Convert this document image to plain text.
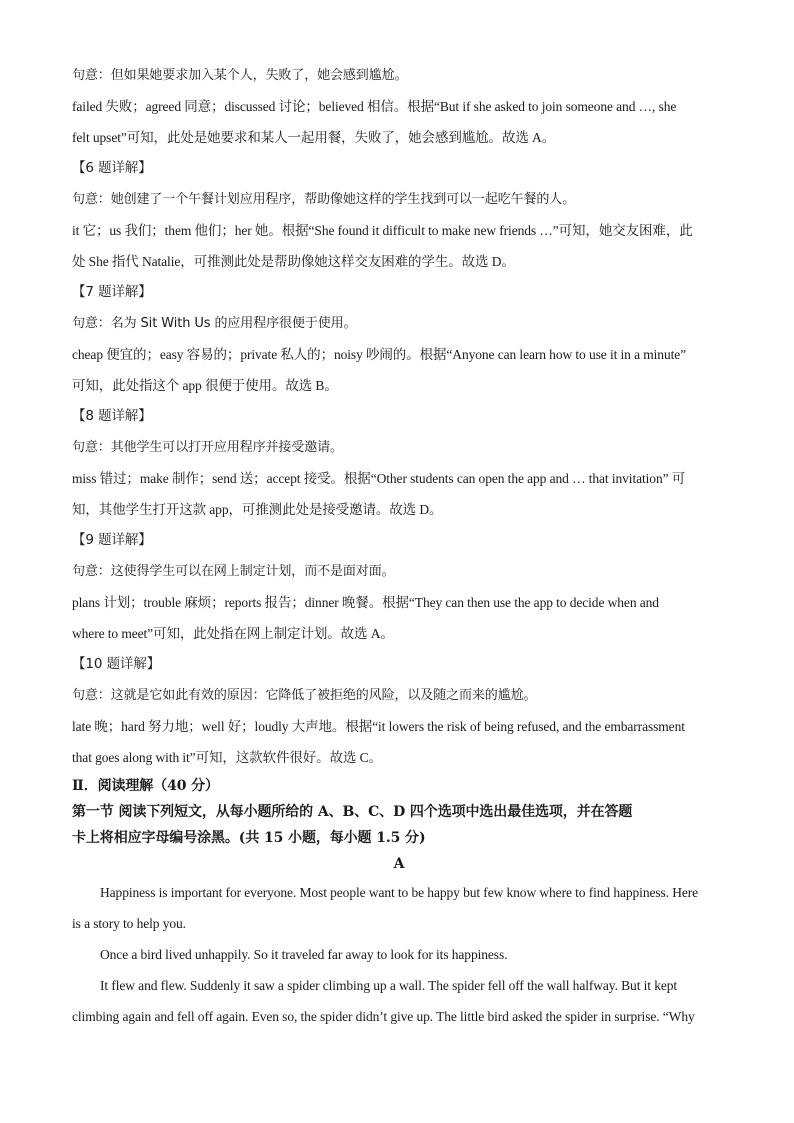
句意：但如果她要求加入某个人，失败了，她会感到尴尬。
failed 失败；agreed 同意；discussed 讨论；believed 相信。根据“But if she asked to join someone and …, she
felt upset”可知，此处是她要求和某人一起用餐，失败了，她会感到尴尬。故选 A。
【6 题详解】
句意：她创建了一个午餐计划应用程序，帮助像她这样的学生找到可以一起吃午餐的人。
it 它；us 我们；them 他们；her 她。根据“She found it difficult to make new friends …”可知，她交友困难，此
处 She 指代 Natalie，可推测此处是帮助像她这样交友困难的学生。故选 D。
【7 题详解】
句意：名为 Sit With Us 的应用程序很便于使用。
cheap 便宜的；easy 容易的；private 私人的；noisy 吵闹的。根据“Anyone can learn how to use it in a minute”
可知，此处指这个 app 很便于使用。故选 B。
【8 题详解】
句意：其他学生可以打开应用程序并接受邀请。
miss 错过；make 制作；send 送；accept 接受。根据“Other students can open the app and … that invitation” 可
知，其他学生打开这款 app，可推测此处是接受邀请。故选 D。
【9 题详解】
句意：这使得学生可以在网上制定计划，而不是面对面。
plans 计划；trouble 麻烦；reports 报告；dinner 晚餐。根据“They can then use the app to decide when and
where to meet”可知，此处指在网上制定计划。故选 A。
【10 题详解】
句意：这就是它如此有效的原因：它降低了被拒绝的风险，以及随之而来的尴尬。
late 晚；hard 努力地；well 好；loudly 大声地。根据“it lowers the risk of being refused, and the embarrassment
that goes along with it”可知，这款软件很好。故选 C。
Ⅱ．阅读理解（40 分）
第一节 阅读下列短文，从每小题所给的 A、B、C、D 四个选项中选出最佳选项，并在答题
卡上将相应字母编号涂黑。(共 15 小题，每小题 1.5 分)
A
Happiness is important for everyone. Most people want to be happy but few know where to find happiness. Here
is a story to help you.
Once a bird lived unhappily. So it traveled far away to look for its happiness.
It flew and flew. Suddenly it saw a spider climbing up a wall. The spider fell off the wall halfway. But it kept
climbing again and fell off again. Even so, the spider didn’t give up. The little bird asked the spider in surprise. “Why
